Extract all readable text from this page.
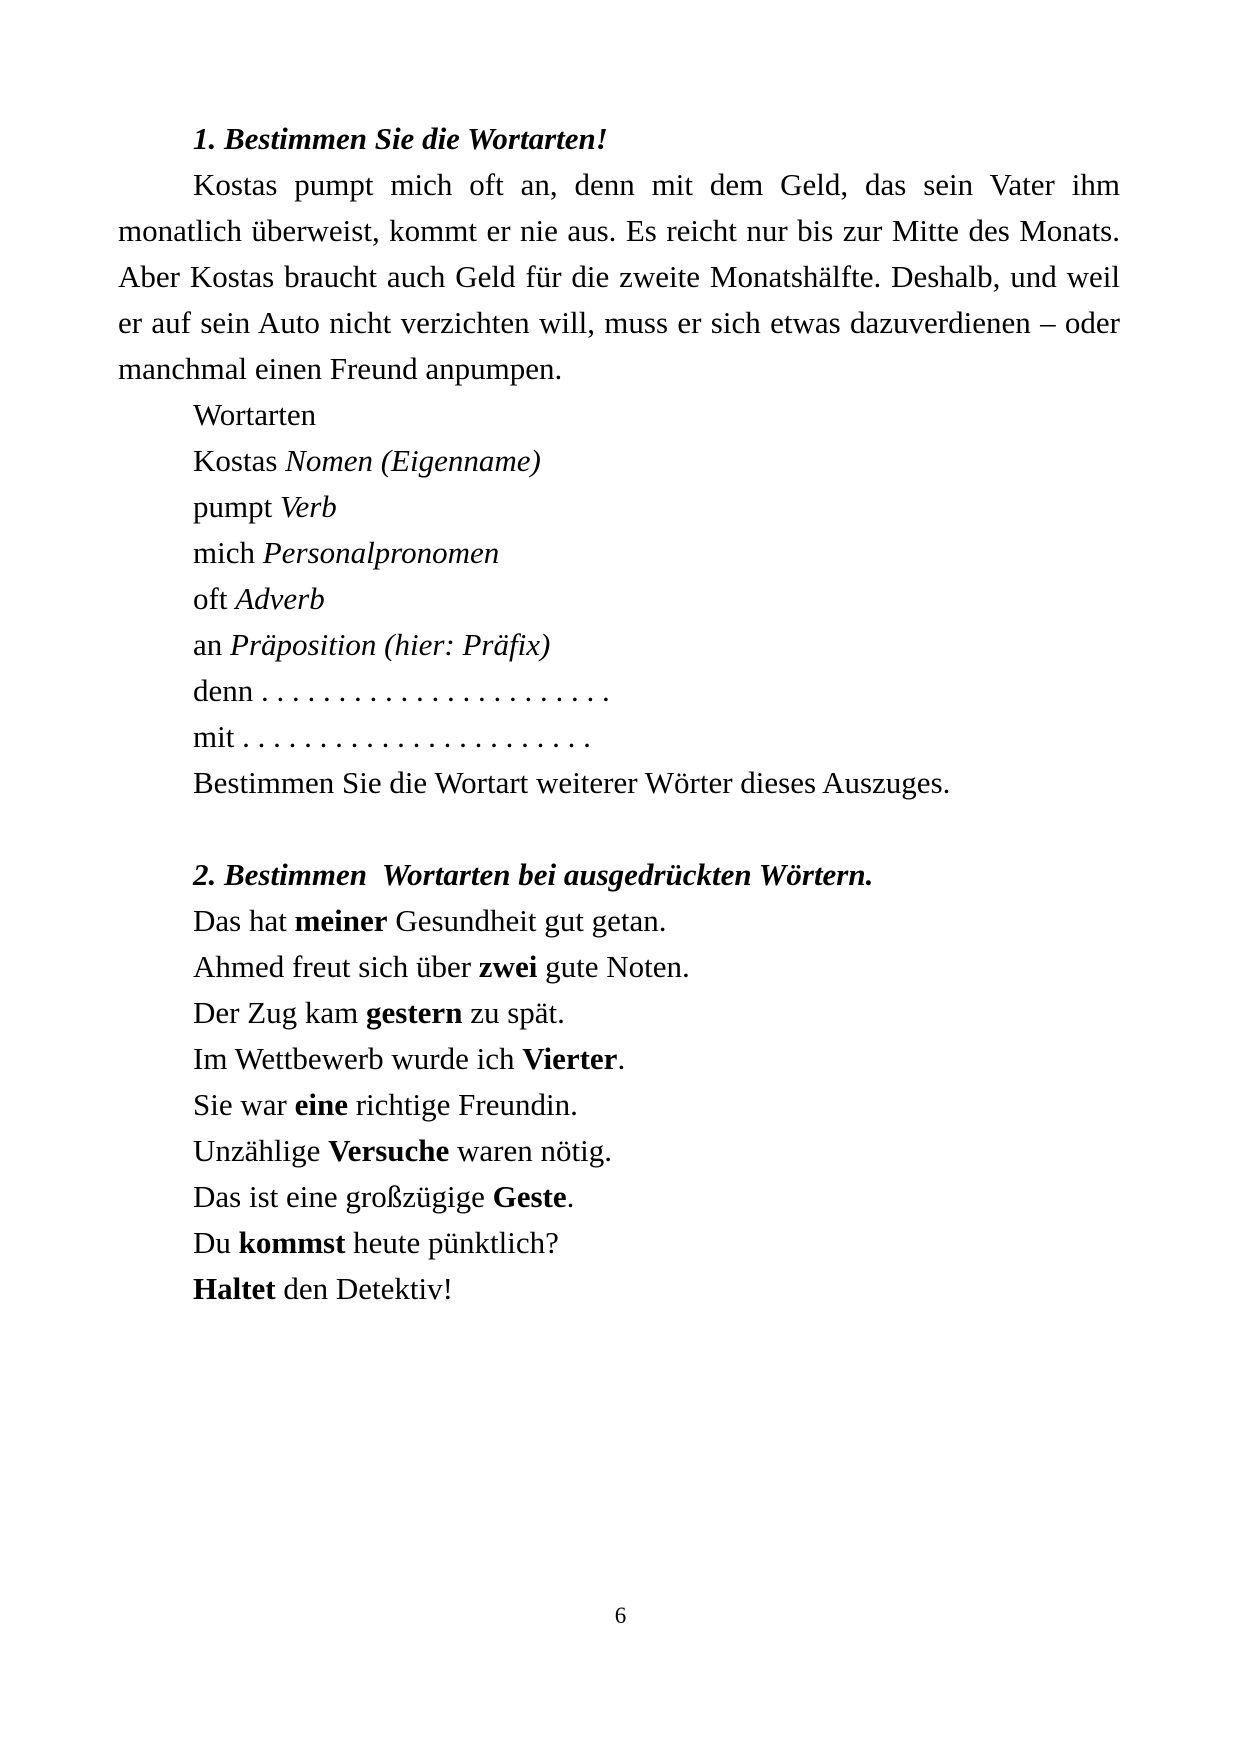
1. Bestimmen Sie die Wortarten!

Kostas pumpt mich oft an, denn mit dem Geld, das sein Vater ihm monatlich überweist, kommt er nie aus. Es reicht nur bis zur Mitte des Monats. Aber Kostas braucht auch Geld für die zweite Monatshälfte. Deshalb, und weil er auf sein Auto nicht verzichten will, muss er sich etwas dazuverdienen – oder manchmal einen Freund anpumpen.

Wortarten
Kostas Nomen (Eigenname)
pumpt Verb
mich Personalpronomen
oft Adverb
an Präposition (hier: Präfix)
denn . . . . . . . . . . . . . . . . . . . . . . .
mit . . . . . . . . . . . . . . . . . . . . . . .
Bestimmen Sie die Wortart weiterer Wörter dieses Auszuges.
2. Bestimmen  Wortarten bei ausgedrückten Wörtern.
Das hat meiner Gesundheit gut getan.
Ahmed freut sich über zwei gute Noten.
Der Zug kam gestern zu spät.
Im Wettbewerb wurde ich Vierter.
Sie war eine richtige Freundin.
Unzählige Versuche waren nötig.
Das ist eine großzügige Geste.
Du kommst heute pünktlich?
Haltet den Detektiv!
6
